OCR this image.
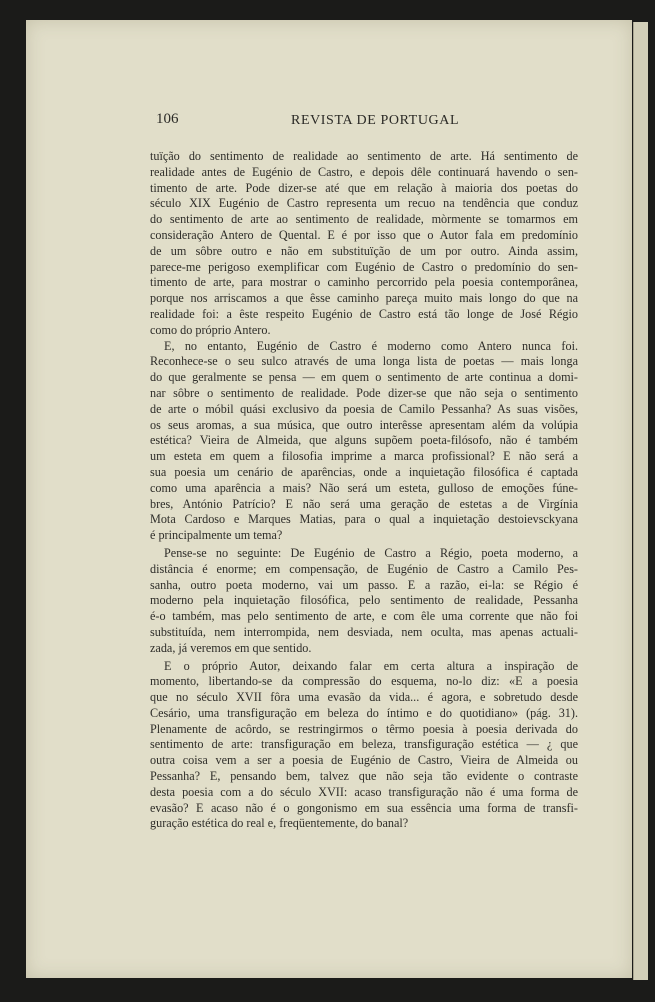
106	REVISTA DE PORTUGAL
tuïção do sentimento de realidade ao sentimento de arte. Há sentimento de
realidade antes de Eugénio de Castro, e depois dêle continuará havendo o sen-
timento de arte. Pode dizer-se até que em relação à maioria dos poetas do
século XIX Eugénio de Castro representa um recuo na tendência que conduz
do sentimento de arte ao sentimento de realidade, mòrmente se tomarmos em
consideração Antero de Quental. E é por isso que o Autor fala em predomínio
de um sôbre outro e não em substituïção de um por outro. Ainda assim,
parece-me perigoso exemplificar com Eugénio de Castro o predomínio do sen-
timento de arte, para mostrar o caminho percorrido pela poesia contemporânea,
porque nos arriscamos a que êsse caminho pareça muito mais longo do que na
realidade foi: a êste respeito Eugénio de Castro está tão longe de José Régio
como do próprio Antero.
E, no entanto, Eugénio de Castro é moderno como Antero nunca foi.
Reconhece-se o seu sulco através de uma longa lista de poetas — mais longa
do que geralmente se pensa — em quem o sentimento de arte continua a domi-
nar sôbre o sentimento de realidade. Pode dizer-se que não seja o sentimento
de arte o móbil quási exclusivo da poesia de Camilo Pessanha? As suas visões,
os seus aromas, a sua música, que outro interêsse apresentam além da volúpia
estética? Vieira de Almeida, que alguns supõem poeta-filósofo, não é também
um esteta em quem a filosofia imprime a marca profissional? E não será a
sua poesia um cenário de aparências, onde a inquietação filosófica é captada
como uma aparência a mais? Não será um esteta, gulloso de emoções fúne-
bres, António Patrício? E não será uma geração de estetas a de Virgínia
Mota Cardoso e Marques Matias, para o qual a inquietação destoievsckyana
é principalmente um tema?
Pense-se no seguinte: De Eugénio de Castro a Régio, poeta moderno, a
distância é enorme; em compensação, de Eugénio de Castro a Camilo Pes-
sanha, outro poeta moderno, vai um passo. E a razão, ei-la: se Régio é
moderno pela inquietação filosófica, pelo sentimento de realidade, Pessanha
é-o também, mas pelo sentimento de arte, e com êle uma corrente que não foi
substituída, nem interrompida, nem desviada, nem oculta, mas apenas actuali-
zada, já veremos em que sentido.
E o próprio Autor, deixando falar em certa altura a inspiração de
momento, libertando-se da compressão do esquema, no-lo diz: «E a poesia
que no século XVII fôra uma evasão da vida... é agora, e sobretudo desde
Cesário, uma transfiguração em beleza do íntimo e do quotidiano» (pág. 31).
Plenamente de acôrdo, se restringirmos o têrmo poesia à poesia derivada do
sentimento de arte: transfiguração em beleza, transfiguração estética — ¿ que
outra coisa vem a ser a poesia de Eugénio de Castro, Vieira de Almeida ou
Pessanha? E, pensando bem, talvez que não seja tão evidente o contraste
desta poesia com a do século XVII: acaso transfiguração não é uma forma de
evasão? E acaso não é o gongonismo em sua essência uma forma de transfi-
guração estética do real e, freqüentemente, do banal?
